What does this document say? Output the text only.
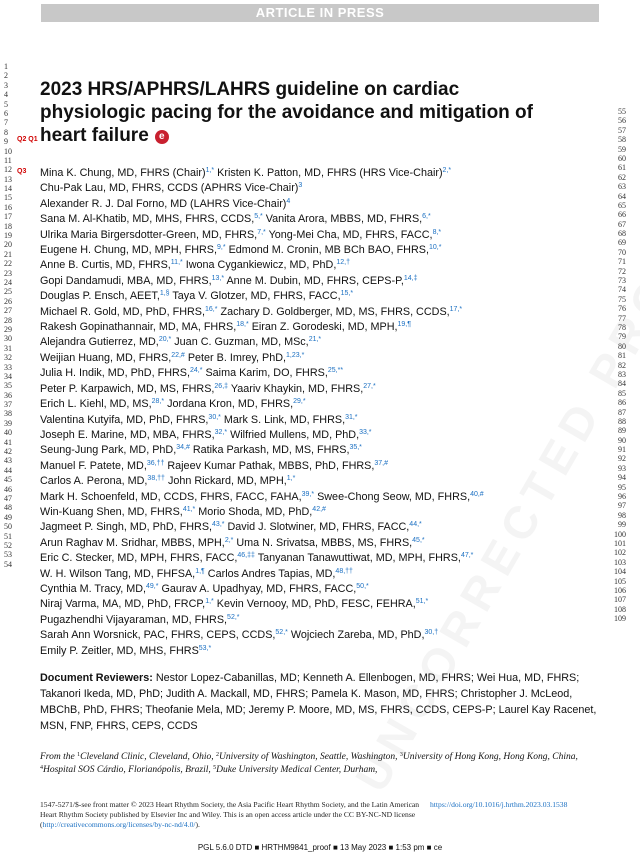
ARTICLE IN PRESS
1
2
3
4
5
6
7
8
9
10
11
12
13
14
15
16
17
18
19
20
21
22
23
24
25
26
27
28
29
30
31
32
33
34
35
36
37
38
39
40
41
42
43
44
45
46
47
48
49
50
51
52
53
54
55
56
57
58
59
60
61
62
63
64
65
66
67
68
69
70
71
72
73
74
75
76
77
78
79
80
81
82
83
84
85
86
87
88
89
90
91
92
93
94
95
96
97
98
99
100
101
102
103
104
105
106
107
108
109
Q2 Q1
Q3
2023 HRS/APHRS/LAHRS guideline on cardiac physiologic pacing for the avoidance and mitigation of heart failure e
Mina K. Chung, MD, FHRS (Chair)$^{1,*}$ Kristen K. Patton, MD, FHRS (HRS Vice-Chair)$^{2,*}$
Chu-Pak Lau, MD, FHRS, CCDS (APHRS Vice-Chair)$^3$
Alexander R. J. Dal Forno, MD (LAHRS Vice-Chair)$^4$
Sana M. Al-Khatib, MD, MHS, FHRS, CCDS,$^{5,*}$ Vanita Arora, MBBS, MD, FHRS,$^{6,*}$
Ulrika Maria Birgersdotter-Green, MD, FHRS,$^{7,*}$ Yong-Mei Cha, MD, FHRS, FACC,$^{8,*}$
Eugene H. Chung, MD, MPH, FHRS,$^{9,*}$ Edmond M. Cronin, MB BCh BAO, FHRS,$^{10,*}$
Anne B. Curtis, MD, FHRS,$^{11,*}$ Iwona Cygankiewicz, MD, PhD,$^{12,\dagger}$
Gopi Dandamudi, MBA, MD, FHRS,$^{13,*}$ Anne M. Dubin, MD, FHRS, CEPS-P,$^{14,\ddagger}$
Douglas P. Ensch, AEET,$^{1,\S}$ Taya V. Glotzer, MD, FHRS, FACC,$^{15,*}$
Michael R. Gold, MD, PhD, FHRS,$^{16,*}$ Zachary D. Goldberger, MD, MS, FHRS, CCDS,$^{17,*}$
Rakesh Gopinathannair, MD, MA, FHRS,$^{18,*}$ Eiran Z. Gorodeski, MD, MPH,$^{19,\P}$
Alejandra Gutierrez, MD,$^{20,*}$ Juan C. Guzman, MD, MSc,$^{21,*}$
Weijian Huang, MD, FHRS,$^{22,\#}$ Peter B. Imrey, PhD,$^{1,23,*}$
Julia H. Indik, MD, PhD, FHRS,$^{24,*}$ Saima Karim, DO, FHRS,$^{25,**}$
Peter P. Karpawich, MD, MS, FHRS,$^{26,\ddagger}$ Yaariv Khaykin, MD, FHRS,$^{27,*}$
Erich L. Kiehl, MD, MS,$^{28,*}$ Jordana Kron, MD, FHRS,$^{29,*}$
Valentina Kutyifa, MD, PhD, FHRS,$^{30,*}$ Mark S. Link, MD, FHRS,$^{31,*}$
Joseph E. Marine, MD, MBA, FHRS,$^{32,*}$ Wilfried Mullens, MD, PhD,$^{33,*}$
Seung-Jung Park, MD, PhD,$^{34,\#}$ Ratika Parkash, MD, MS, FHRS,$^{35,*}$
Manuel F. Patete, MD,$^{36,\dagger\dagger}$ Rajeev Kumar Pathak, MBBS, PhD, FHRS,$^{37,\#}$
Carlos A. Perona, MD,$^{38,\dagger\dagger}$ John Rickard, MD, MPH,$^{1,*}$
Mark H. Schoenfeld, MD, CCDS, FHRS, FACC, FAHA,$^{39,*}$ Swee-Chong Seow, MD, FHRS,$^{40,\#}$
Win-Kuang Shen, MD, FHRS,$^{41,*}$ Morio Shoda, MD, PhD,$^{42,\#}$
Jagmeet P. Singh, MD, PhD, FHRS,$^{43,*}$ David J. Slotwiner, MD, FHRS, FACC,$^{44,*}$
Arun Raghav M. Sridhar, MBBS, MPH,$^{2,*}$ Uma N. Srivatsa, MBBS, MS, FHRS,$^{45,*}$
Eric C. Stecker, MD, MPH, FHRS, FACC,$^{46,\ddagger\ddagger}$ Tanyanan Tanawuttiwat, MD, MPH, FHRS,$^{47,*}$
W. H. Wilson Tang, MD, FHFSA,$^{1,\P}$ Carlos Andres Tapias, MD,$^{48,\dagger\dagger}$
Cynthia M. Tracy, MD,$^{49,*}$ Gaurav A. Upadhyay, MD, FHRS, FACC,$^{50,*}$
Niraj Varma, MA, MD, PhD, FRCP,$^{1,*}$ Kevin Vernooy, MD, PhD, FESC, FEHRA,$^{51,*}$
Pugazhendhi Vijayaraman, MD, FHRS,$^{52,*}$
Sarah Ann Worsnick, PAC, FHRS, CEPS, CCDS,$^{52,*}$ Wojciech Zareba, MD, PhD,$^{30,\dagger}$
Emily P. Zeitler, MD, MHS, $FHRS^{53,*}$
Document Reviewers: Nestor Lopez-Cabanillas, MD; Kenneth A. Ellenbogen, MD, FHRS; Wei Hua, MD, FHRS; Takanori Ikeda, MD, PhD; Judith A. Mackall, MD, FHRS; Pamela K. Mason, MD, FHRS; Christopher J. McLeod, MBChB, PhD, FHRS; Theofanie Mela, MD; Jeremy P. Moore, MD, MS, FHRS, CCDS, CEPS-P; Laurel Kay Racenet, MSN, FNP, FHRS, CEPS, CCDS
From the $^1$Cleveland Clinic, Cleveland, Ohio, $^2$University of Washington, Seattle, Washington, $^3$University of Hong Kong, Hong Kong, China, $^4$Hospital SOS Cárdio, Florianópolis, Brazil, $^5$Duke University Medical Center, Durham,
1547-5271/$-see front matter © 2023 Heart Rhythm Society, the Asia Pacific Heart Rhythm Society, and the Latin American Heart Rhythm Society published by Elsevier Inc and Wiley. This is an open access article under the CC BY-NC-ND license (http://creativecommons.org/licenses/by-nc-nd/4.0/).
https://doi.org/10.1016/j.hrthm.2023.03.1538
PGL 5.6.0 DTD ■ HRTHM9841_proof ■ 13 May 2023 ■ 1:53 pm ■ ce
